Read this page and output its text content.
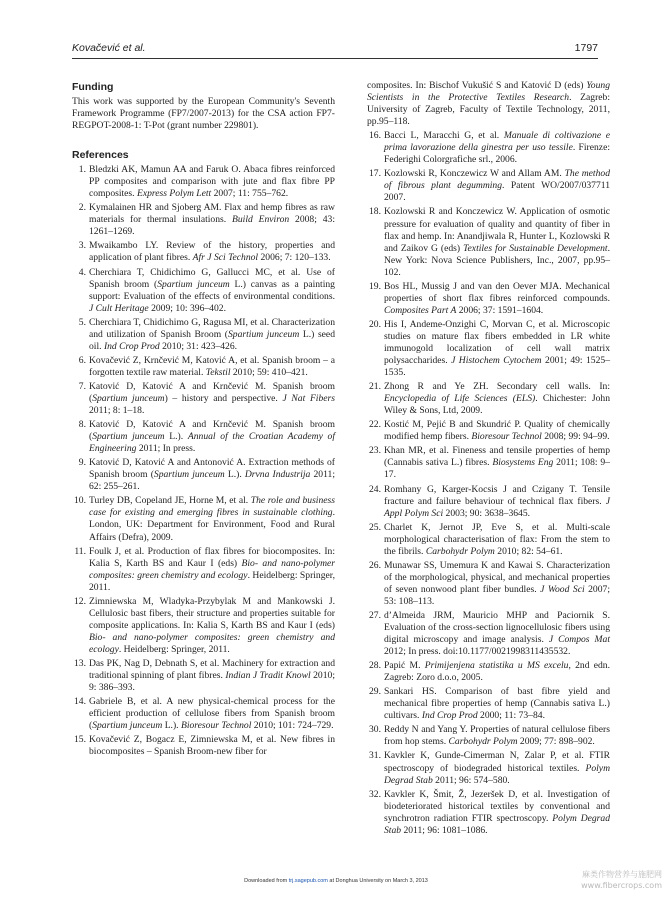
Kovačević et al.	1797
Funding

This work was supported by the European Community's Seventh Framework Programme (FP7/2007-2013) for the CSA action FP7-REGPOT-2008-1: T-Pot (grant number 229801).

References
1. Bledzki AK, Mamun AA and Faruk O. Abaca fibres reinforced PP composites and comparison with jute and flax fibre PP composites. Express Polym Lett 2007; 11: 755–762.
2. Kymalainen HR and Sjoberg AM. Flax and hemp fibres as raw materials for thermal insulations. Build Environ 2008; 43: 1261–1269.
3. Mwaikambo LY. Review of the history, properties and application of plant fibres. Afr J Sci Technol 2006; 7: 120–133.
4. Cherchiara T, Chidichimo G, Gallucci MC, et al. Use of Spanish broom (Spartium junceum L.) canvas as a painting support: Evaluation of the effects of environmental conditions. J Cult Heritage 2009; 10: 396–402.
5. Cherchiara T, Chidichimo G, Ragusa MI, et al. Characterization and utilization of Spanish Broom (Spartium junceum L.) seed oil. Ind Crop Prod 2010; 31: 423–426.
6. Kovačević Z, Krnčević M, Katović A, et al. Spanish broom – a forgotten textile raw material. Tekstil 2010; 59: 410–421.
7. Katović D, Katović A and Krnčević M. Spanish broom (Spartium junceum) – history and perspective. J Nat Fibers 2011; 8: 1–18.
8. Katović D, Katović A and Krnčević M. Spanish broom (Spartium junceum L.). Annual of the Croatian Academy of Engineering 2011; In press.
9. Katović D, Katović A and Antonović A. Extraction methods of Spanish broom (Spartium junceum L.). Drvna Industrija 2011; 62: 255–261.
10. Turley DB, Copeland JE, Horne M, et al. The role and business case for existing and emerging fibres in sustainable clothing. London, UK: Department for Environment, Food and Rural Affairs (Defra), 2009.
11. Foulk J, et al. Production of flax fibres for biocomposites. In: Kalia S, Karth BS and Kaur I (eds) Bio- and nano-polymer composites: green chemistry and ecology. Heidelberg: Springer, 2011.
12. Zimniewska M, Wladyka-Przybylak M and Mankowski J. Cellulosic bast fibers, their structure and properties suitable for composite applications. In: Kalia S, Karth BS and Kaur I (eds) Bio- and nano-polymer composites: green chemistry and ecology. Heidelberg: Springer, 2011.
13. Das PK, Nag D, Debnath S, et al. Machinery for extraction and traditional spinning of plant fibres. Indian J Tradit Knowl 2010; 9: 386–393.
14. Gabriele B, et al. A new physical-chemical process for the efficient production of cellulose fibers from Spanish broom (Spartium junceum L.). Bioresour Technol 2010; 101: 724–729.
15. Kovačević Z, Bogacz E, Zimniewska M, et al. New fibres in biocomposites – Spanish Broom-new fiber for
composites. In: Bischof Vukušić S and Katović D (eds) Young Scientists in the Protective Textiles Research. Zagreb: University of Zagreb, Faculty of Textile Technology, 2011, pp.95–118.
16. Bacci L, Maracchi G, et al. Manuale di coltivazione e prima lavorazione della ginestra per uso tessile. Firenze: Federighi Colorgrafiche srl., 2006.
17. Kozlowski R, Konczewicz W and Allam AM. The method of fibrous plant degumming. Patent WO/2007/037711 2007.
18. Kozlowski R and Konczewicz W. Application of osmotic pressure for evaluation of quality and quantity of fiber in flax and hemp. In: Anandjiwala R, Hunter L, Kozlowski R and Zaikov G (eds) Textiles for Sustainable Development. New York: Nova Science Publishers, Inc., 2007, pp.95–102.
19. Bos HL, Mussig J and van den Oever MJA. Mechanical properties of short flax fibres reinforced compounds. Composites Part A 2006; 37: 1591–1604.
20. His I, Andeme-Onzighi C, Morvan C, et al. Microscopic studies on mature flax fibers embedded in LR white immunogold localization of cell wall matrix polysaccharides. J Histochem Cytochem 2001; 49: 1525–1535.
21. Zhong R and Ye ZH. Secondary cell walls. In: Encyclopedia of Life Sciences (ELS). Chichester: John Wiley & Sons, Ltd, 2009.
22. Kostić M, Pejić B and Skundrić P. Quality of chemically modified hemp fibers. Bioresour Technol 2008; 99: 94–99.
23. Khan MR, et al. Fineness and tensile properties of hemp (Cannabis sativa L.) fibres. Biosystems Eng 2011; 108: 9–17.
24. Romhany G, Karger-Kocsis J and Czigany T. Tensile fracture and failure behaviour of technical flax fibers. J Appl Polym Sci 2003; 90: 3638–3645.
25. Charlet K, Jernot JP, Eve S, et al. Multi-scale morphological characterisation of flax: From the stem to the fibrils. Carbohydr Polym 2010; 82: 54–61.
26. Munawar SS, Umemura K and Kawai S. Characterization of the morphological, physical, and mechanical properties of seven nonwood plant fiber bundles. J Wood Sci 2007; 53: 108–113.
27. d’Almeida JRM, Mauricio MHP and Paciornik S. Evaluation of the cross-section lignocellulosic fibers using digital microscopy and image analysis. J Compos Mat 2012; In press. doi:10.1177/0021998311435532.
28. Papić M. Primijenjena statistika u MS excelu, 2nd edn. Zagreb: Zoro d.o.o, 2005.
29. Sankari HS. Comparison of bast fibre yield and mechanical fibre properties of hemp (Cannabis sativa L.) cultivars. Ind Crop Prod 2000; 11: 73–84.
30. Reddy N and Yang Y. Properties of natural cellulose fibers from hop stems. Carbohydr Polym 2009; 77: 898–902.
31. Kavkler K, Gunde-Cimerman N, Zalar P, et al. FTIR spectroscopy of biodegraded historical textiles. Polym Degrad Stab 2011; 96: 574–580.
32. Kavkler K, Šmit, Ž, Jezeršek D, et al. Investigation of biodeteriorated historical textiles by conventional and synchrotron radiation FTIR spectroscopy. Polym Degrad Stab 2011; 96: 1081–1086.
Downloaded from trj.sagepub.com at Donghua University on March 3, 2013
麻类作物营养与施肥网
www.fibercrops.com
